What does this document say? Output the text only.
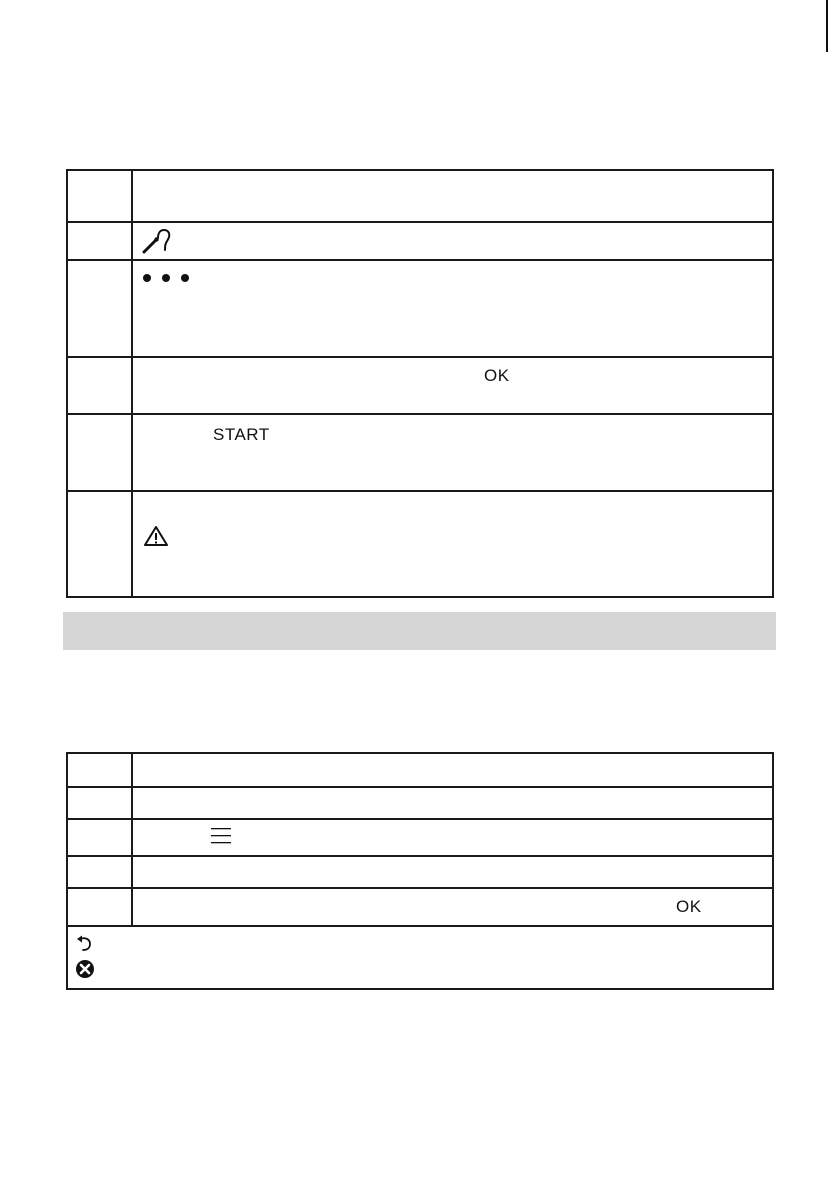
	OK

	START

	OK
